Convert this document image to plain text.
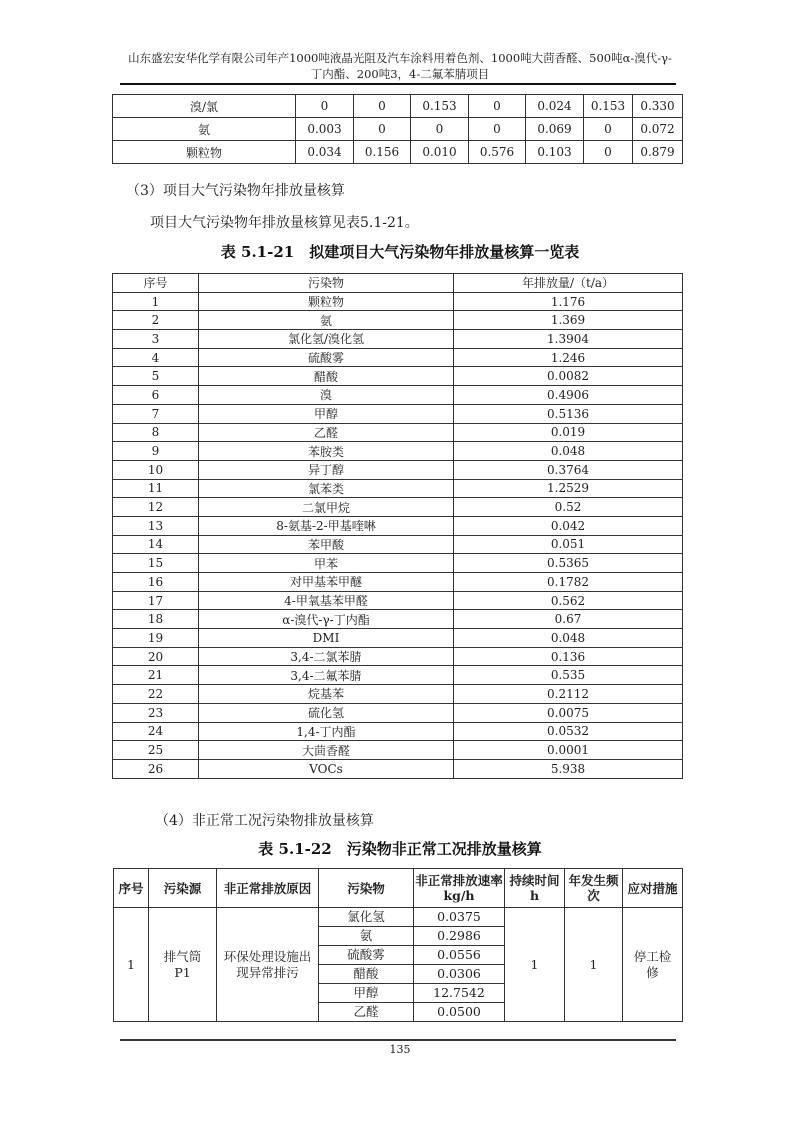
山东盛宏安华化学有限公司年产1000吨液晶光阻及汽车涂料用着色剂、1000吨大茴香醛、500吨α-溴代-γ-
丁内酯、200吨3，4-二氟苯腈项目
溴/氯	0	0	0.153	0	0.024	0.153	0.330
氨	0.003	0	0	0	0.069	0	0.072
颗粒物	0.034	0.156	0.010	0.576	0.103	0	0.879
（3）项目大气污染物年排放量核算
项目大气污染物年排放量核算见表5.1-21。
表 5.1-21　拟建项目大气污染物年排放量核算一览表
序号	污染物	年排放量/（t/a）
1	颗粒物	1.176
2	氨	1.369
3	氯化氢/溴化氢	1.3904
4	硫酸雾	1.246
5	醋酸	0.0082
6	溴	0.4906
7	甲醇	0.5136
8	乙醛	0.019
9	苯胺类	0.048
10	异丁醇	0.3764
11	氯苯类	1.2529
12	二氯甲烷	0.52
13	8-氨基-2-甲基喹啉	0.042
14	苯甲酸	0.051
15	甲苯	0.5365
16	对甲基苯甲醚	0.1782
17	4-甲氧基苯甲醛	0.562
18	α-溴代-γ-丁内酯	0.67
19	DMI	0.048
20	3,4-二氯苯腈	0.136
21	3,4-二氟苯腈	0.535
22	烷基苯	0.2112
23	硫化氢	0.0075
24	1,4-丁内酯	0.0532
25	大茴香醛	0.0001
26	VOCs	5.938
（4）非正常工况污染物排放量核算
表 5.1-22　污染物非正常工况排放量核算
序号	污染源	非正常排放原因	污染物	非正常排放速率 kg/h	持续时间 h	年发生频次	应对措施
1	排气筒P1	环保处理设施出现异常排污	氯化氢	0.0375	1	1	停工检修
			氨	0.2986			
			硫酸雾	0.0556			
			醋酸	0.0306			
			甲醇	12.7542			
			乙醛	0.0500			
135
